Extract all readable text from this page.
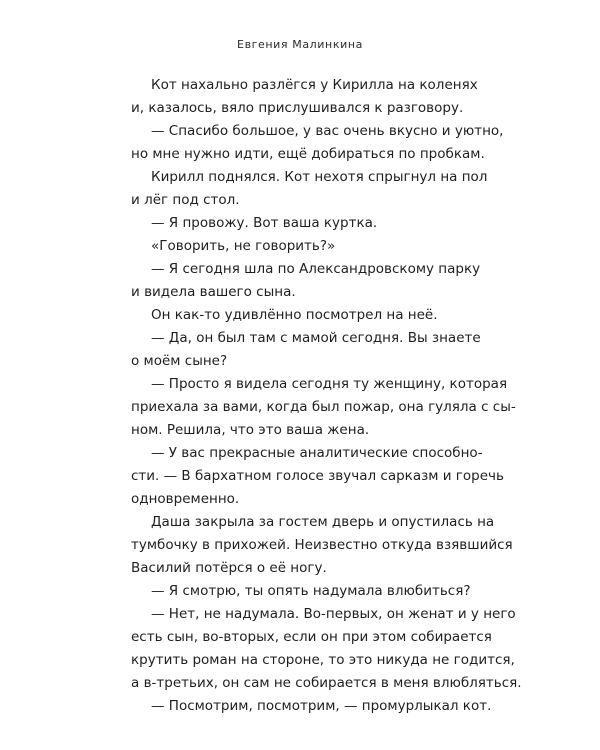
Евгения Малинкина
Кот нахально разлёгся у Кирилла на коленях
и, казалось, вяло прислушивался к разговору.
— Спасибо большое, у вас очень вкусно и уютно,
но мне нужно идти, ещё добираться по пробкам.
Кирилл поднялся. Кот нехотя спрыгнул на пол
и лёг под стол.
— Я провожу. Вот ваша куртка.
«Говорить, не говорить?»
— Я сегодня шла по Александровскому парку
и видела вашего сына.
Он как-то удивлённо посмотрел на неё.
— Да, он был там с мамой сегодня. Вы знаете
о моём сыне?
— Просто я видела сегодня ту женщину, которая
приехала за вами, когда был пожар, она гуляла с сы-
ном. Решила, что это ваша жена.
— У вас прекрасные аналитические способно-
сти. — В бархатном голосе звучал сарказм и горечь
одновременно.
Даша закрыла за гостем дверь и опустилась на
тумбочку в прихожей. Неизвестно откуда взявшийся
Василий потёрся о её ногу.
— Я смотрю, ты опять надумала влюбиться?
— Нет, не надумала. Во-первых, он женат и у него
есть сын, во-вторых, если он при этом собирается
крутить роман на стороне, то это никуда не годится,
а в-третьих, он сам не собирается в меня влюбляться.
— Посмотрим, посмотрим, — промурлыкал кот.
